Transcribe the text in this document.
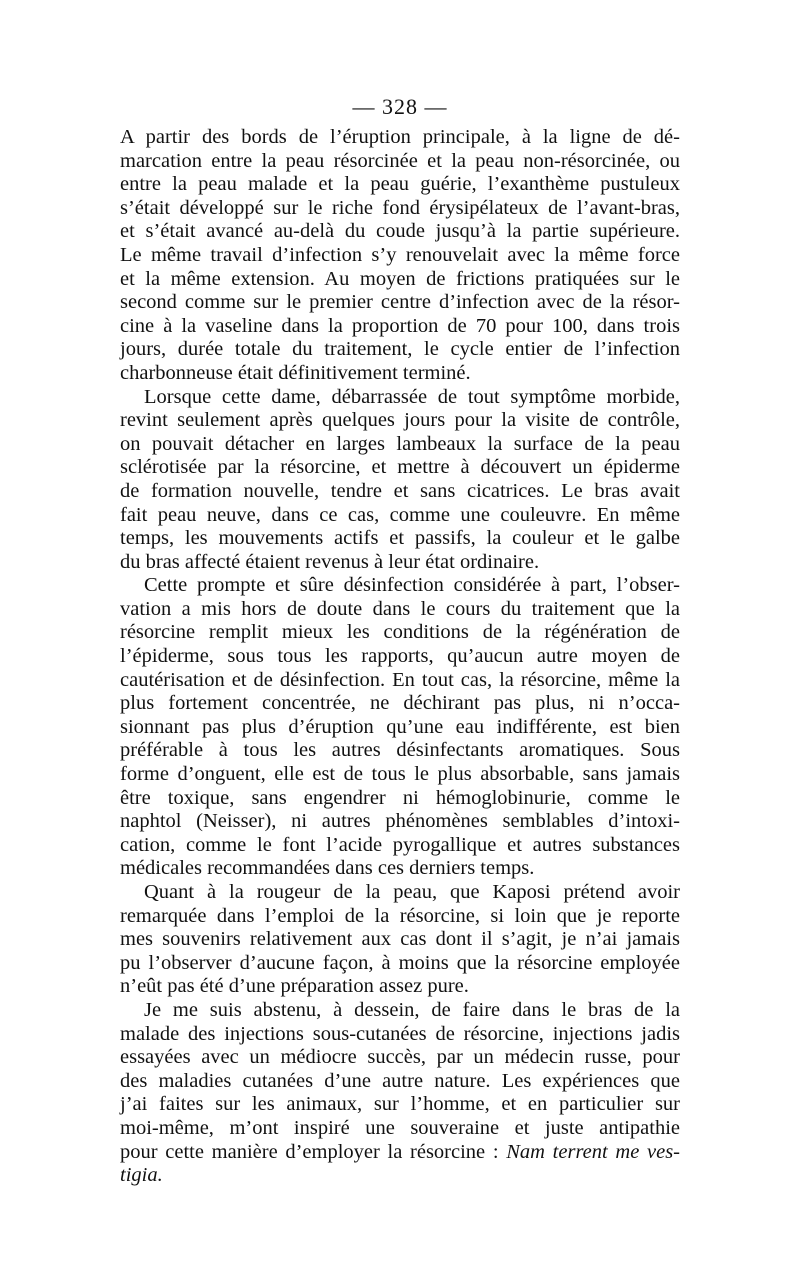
— 328 —
A partir des bords de l’éruption principale, à la ligne de dé-
marcation entre la peau résorcinée et la peau non-résorcinée, ou
entre la peau malade et la peau guérie, l’exanthème pustuleux
s’était développé sur le riche fond érysipélateux de l’avant-bras,
et s’était avancé au-delà du coude jusqu’à la partie supérieure.
Le même travail d’infection s’y renouvelait avec la même force
et la même extension. Au moyen de frictions pratiquées sur le
second comme sur le premier centre d’infection avec de la résor-
cine à la vaseline dans la proportion de 70 pour 100, dans trois
jours, durée totale du traitement, le cycle entier de l’infection
charbonneuse était définitivement terminé.
Lorsque cette dame, débarrassée de tout symptôme morbide,
revint seulement après quelques jours pour la visite de contrôle,
on pouvait détacher en larges lambeaux la surface de la peau
sclérotisée par la résorcine, et mettre à découvert un épiderme
de formation nouvelle, tendre et sans cicatrices. Le bras avait
fait peau neuve, dans ce cas, comme une couleuvre. En même
temps, les mouvements actifs et passifs, la couleur et le galbe
du bras affecté étaient revenus à leur état ordinaire.
Cette prompte et sûre désinfection considérée à part, l’obser-
vation a mis hors de doute dans le cours du traitement que la
résorcine remplit mieux les conditions de la régénération de
l’épiderme, sous tous les rapports, qu’aucun autre moyen de
cautérisation et de désinfection. En tout cas, la résorcine, même la
plus fortement concentrée, ne déchirant pas plus, ni n’occa-
sionnant pas plus d’éruption qu’une eau indifférente, est bien
préférable à tous les autres désinfectants aromatiques. Sous
forme d’onguent, elle est de tous le plus absorbable, sans jamais
être toxique, sans engendrer ni hémoglobinurie, comme le
naphtol (Neisser), ni autres phénomènes semblables d’intoxi-
cation, comme le font l’acide pyrogallique et autres substances
médicales recommandées dans ces derniers temps.
Quant à la rougeur de la peau, que Kaposi prétend avoir
remarquée dans l’emploi de la résorcine, si loin que je reporte
mes souvenirs relativement aux cas dont il s’agit, je n’ai jamais
pu l’observer d’aucune façon, à moins que la résorcine employée
n’eût pas été d’une préparation assez pure.
Je me suis abstenu, à dessein, de faire dans le bras de la
malade des injections sous-cutanées de résorcine, injections jadis
essayées avec un médiocre succès, par un médecin russe, pour
des maladies cutanées d’une autre nature. Les expériences que
j’ai faites sur les animaux, sur l’homme, et en particulier sur
moi-même, m’ont inspiré une souveraine et juste antipathie
pour cette manière d’employer la résorcine : Nam terrent me ves-
tigia.
